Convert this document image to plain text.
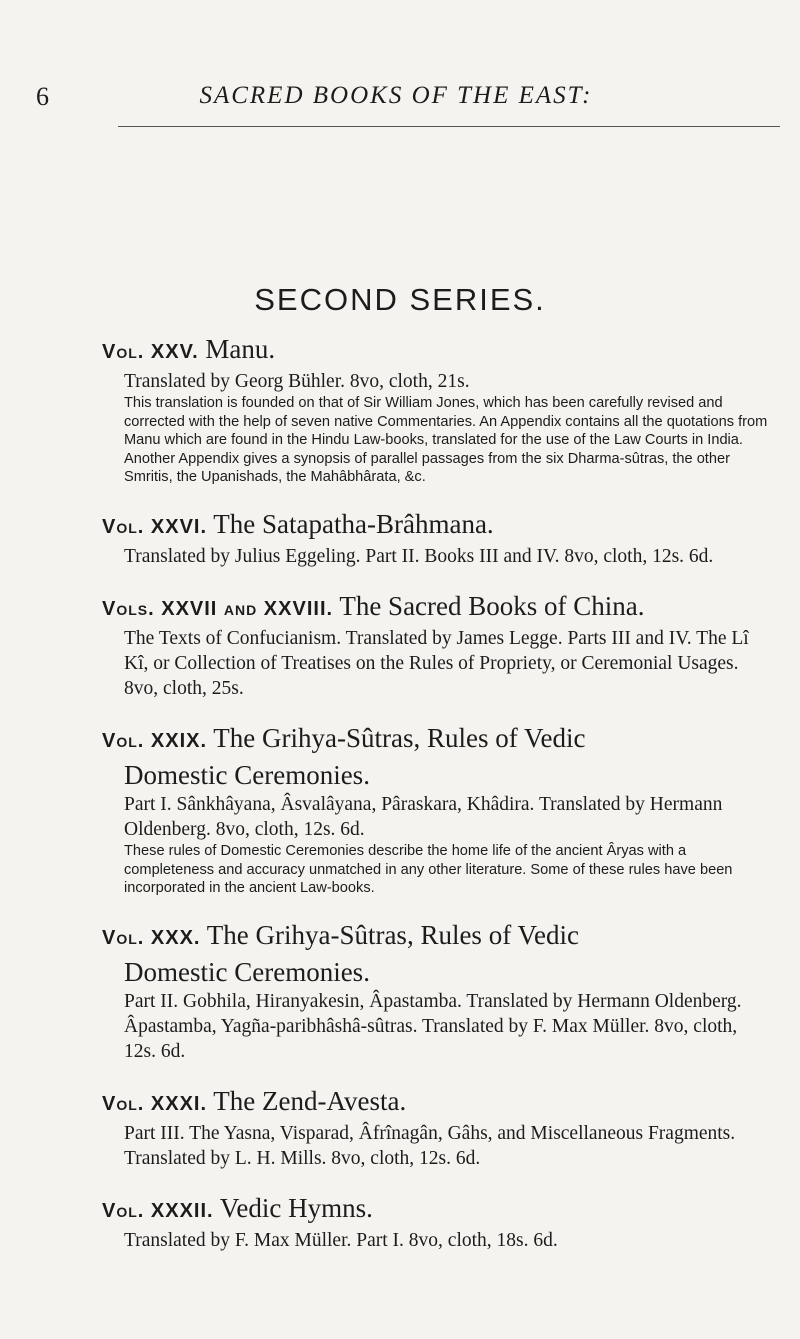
6	SACRED BOOKS OF THE EAST:
SECOND SERIES.
Vol. XXV. Manu.
Translated by Georg Bühler. 8vo, cloth, 21s.
This translation is founded on that of Sir William Jones, which has been carefully revised and corrected with the help of seven native Commentaries. An Appendix contains all the quotations from Manu which are found in the Hindu Law-books, translated for the use of the Law Courts in India. Another Appendix gives a synopsis of parallel passages from the six Dharma-sûtras, the other Smritis, the Upanishads, the Mahâbhârata, &c.
Vol. XXVI. The Satapatha-Brâhmana.
Translated by Julius Eggeling. Part II. Books III and IV. 8vo, cloth, 12s. 6d.
Vols. XXVII and XXVIII. The Sacred Books of China.
The Texts of Confucianism. Translated by James Legge. Parts III and IV. The Lî Kî, or Collection of Treatises on the Rules of Propriety, or Ceremonial Usages. 8vo, cloth, 25s.
Vol. XXIX. The Grihya-Sûtras, Rules of Vedic
Domestic Ceremonies.
Part I. Sânkhâyana, Âsvalâyana, Pâraskara, Khâdira. Translated by Hermann Oldenberg. 8vo, cloth, 12s. 6d.
These rules of Domestic Ceremonies describe the home life of the ancient Âryas with a completeness and accuracy unmatched in any other literature. Some of these rules have been incorporated in the ancient Law-books.
Vol. XXX. The Grihya-Sûtras, Rules of Vedic
Domestic Ceremonies.
Part II. Gobhila, Hiranyakesin, Âpastamba. Translated by Hermann Oldenberg. Âpastamba, Yagña-paribhâshâ-sûtras. Translated by F. Max Müller. 8vo, cloth, 12s. 6d.
Vol. XXXI. The Zend-Avesta.
Part III. The Yasna, Visparad, Âfrînagân, Gâhs, and Miscellaneous Fragments. Translated by L. H. Mills. 8vo, cloth, 12s. 6d.
Vol. XXXII. Vedic Hymns.
Translated by F. Max Müller. Part I. 8vo, cloth, 18s. 6d.
